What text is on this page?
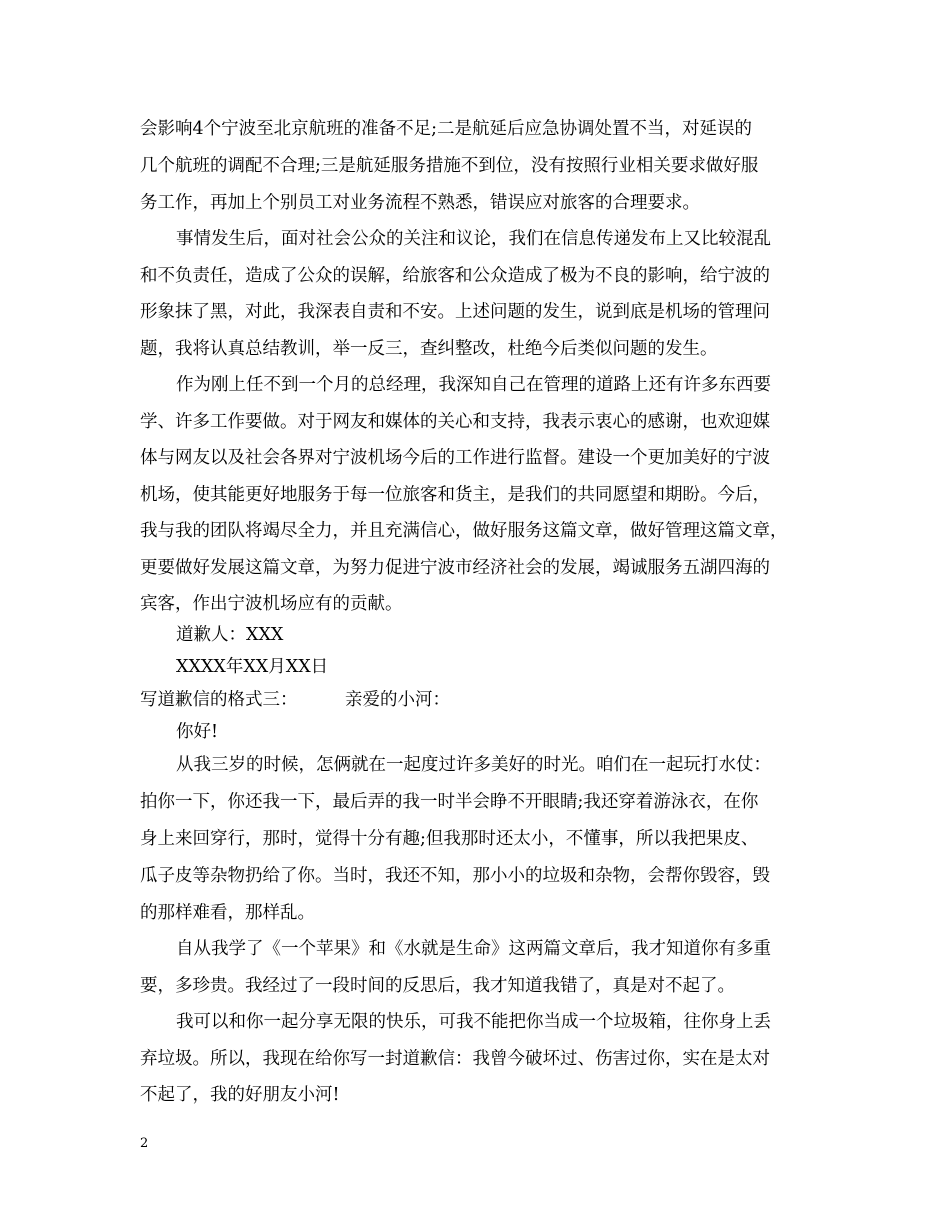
会影响4个宁波至北京航班的准备不足;二是航延后应急协调处置不当，对延误的
几个航班的调配不合理;三是航延服务措施不到位，没有按照行业相关要求做好服
务工作，再加上个别员工对业务流程不熟悉，错误应对旅客的合理要求。
事情发生后，面对社会公众的关注和议论，我们在信息传递发布上又比较混乱
和不负责任，造成了公众的误解，给旅客和公众造成了极为不良的影响，给宁波的
形象抹了黑，对此，我深表自责和不安。上述问题的发生，说到底是机场的管理问
题，我将认真总结教训，举一反三，查纠整改，杜绝今后类似问题的发生。
作为刚上任不到一个月的总经理，我深知自己在管理的道路上还有许多东西要
学、许多工作要做。对于网友和媒体的关心和支持，我表示衷心的感谢，也欢迎媒
体与网友以及社会各界对宁波机场今后的工作进行监督。建设一个更加美好的宁波
机场，使其能更好地服务于每一位旅客和货主，是我们的共同愿望和期盼。今后，
我与我的团队将竭尽全力，并且充满信心，做好服务这篇文章，做好管理这篇文章，
更要做好发展这篇文章，为努力促进宁波市经济社会的发展，竭诚服务五湖四海的
宾客，作出宁波机场应有的贡献。
道歉人：XXX
XXXX年XX月XX日
写道歉信的格式三：	亲爱的小河：
你好!
从我三岁的时候，怎俩就在一起度过许多美好的时光。咱们在一起玩打水仗：
拍你一下，你还我一下，最后弄的我一时半会睁不开眼睛;我还穿着游泳衣，在你
身上来回穿行，那时，觉得十分有趣;但我那时还太小，不懂事，所以我把果皮、
瓜子皮等杂物扔给了你。当时，我还不知，那小小的垃圾和杂物，会帮你毁容，毁
的那样难看，那样乱。
自从我学了《一个苹果》和《水就是生命》这两篇文章后，我才知道你有多重
要，多珍贵。我经过了一段时间的反思后，我才知道我错了，真是对不起了。
我可以和你一起分享无限的快乐，可我不能把你当成一个垃圾箱，往你身上丢
弃垃圾。所以，我现在给你写一封道歉信：我曾今破坏过、伤害过你，实在是太对
不起了，我的好朋友小河!
2
